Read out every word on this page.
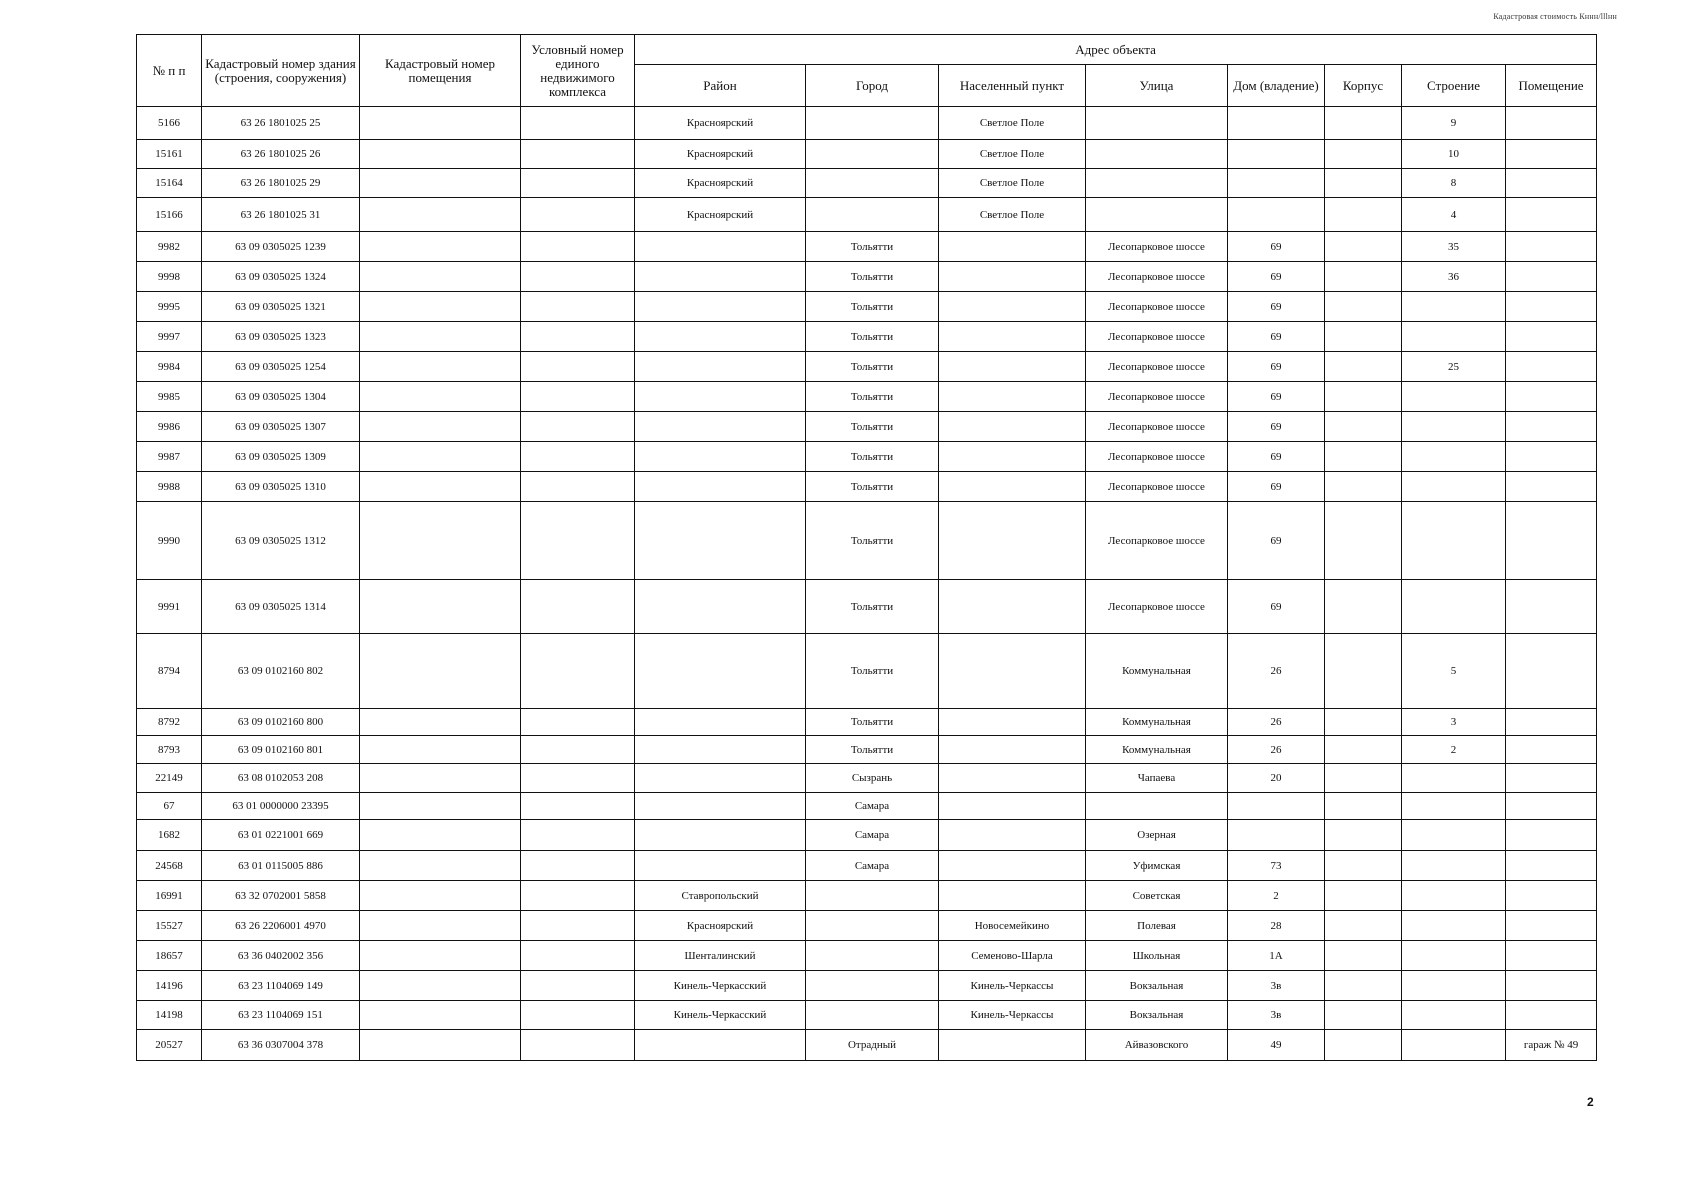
Кадастровая стоимость Кннн/lllнн
№ п п	Кадастровый номер здания (строения, сооружения)	Кадастровый номер помещения	Условный номер единого недвижимого комплекса	Адрес объекта							
				Район	Город	Населенный пункт	Улица	Дом (владение)	Корпус	Строение	Помещение
5166	63 26 1801025 25			Красноярский		Светлое Поле				9	
15161	63 26 1801025 26			Красноярский		Светлое Поле				10	
15164	63 26 1801025 29			Красноярский		Светлое Поле				8	
15166	63 26 1801025 31			Красноярский		Светлое Поле				4	
9982	63 09 0305025 1239				Тольятти		Лесопарковое шоссе	69		35	
9998	63 09 0305025 1324				Тольятти		Лесопарковое шоссе	69		36	
9995	63 09 0305025 1321				Тольятти		Лесопарковое шоссе	69			
9997	63 09 0305025 1323				Тольятти		Лесопарковое шоссе	69			
9984	63 09 0305025 1254				Тольятти		Лесопарковое шоссе	69		25	
9985	63 09 0305025 1304				Тольятти		Лесопарковое шоссе	69			
9986	63 09 0305025 1307				Тольятти		Лесопарковое шоссе	69			
9987	63 09 0305025 1309				Тольятти		Лесопарковое шоссе	69			
9988	63 09 0305025 1310				Тольятти		Лесопарковое шоссе	69			
9990	63 09 0305025 1312				Тольятти		Лесопарковое шоссе	69			
9991	63 09 0305025 1314				Тольятти		Лесопарковое шоссе	69			
8794	63 09 0102160 802				Тольятти		Коммунальная	26		5	
8792	63 09 0102160 800				Тольятти		Коммунальная	26		3	
8793	63 09 0102160 801				Тольятти		Коммунальная	26		2	
22149	63 08 0102053 208				Сызрань		Чапаева	20			
67	63 01 0000000 23395				Самара						
1682	63 01 0221001 669				Самара		Озерная				
24568	63 01 0115005 886				Самара		Уфимская	73			
16991	63 32 0702001 5858			Ставропольский			Советская	2			
15527	63 26 2206001 4970			Красноярский		Новосемейкино	Полевая	28			
18657	63 36 0402002 356			Шенталинский		Семеново-Шарла	Школьная	1А			
14196	63 23 1104069 149			Кинель-Черкасский		Кинель-Черкассы	Вокзальная	3в			
14198	63 23 1104069 151			Кинель-Черкасский		Кинель-Черкассы	Вокзальная	3в			
20527	63 36 0307004 378				Отрадный		Айвазовского	49			гараж № 49
2
